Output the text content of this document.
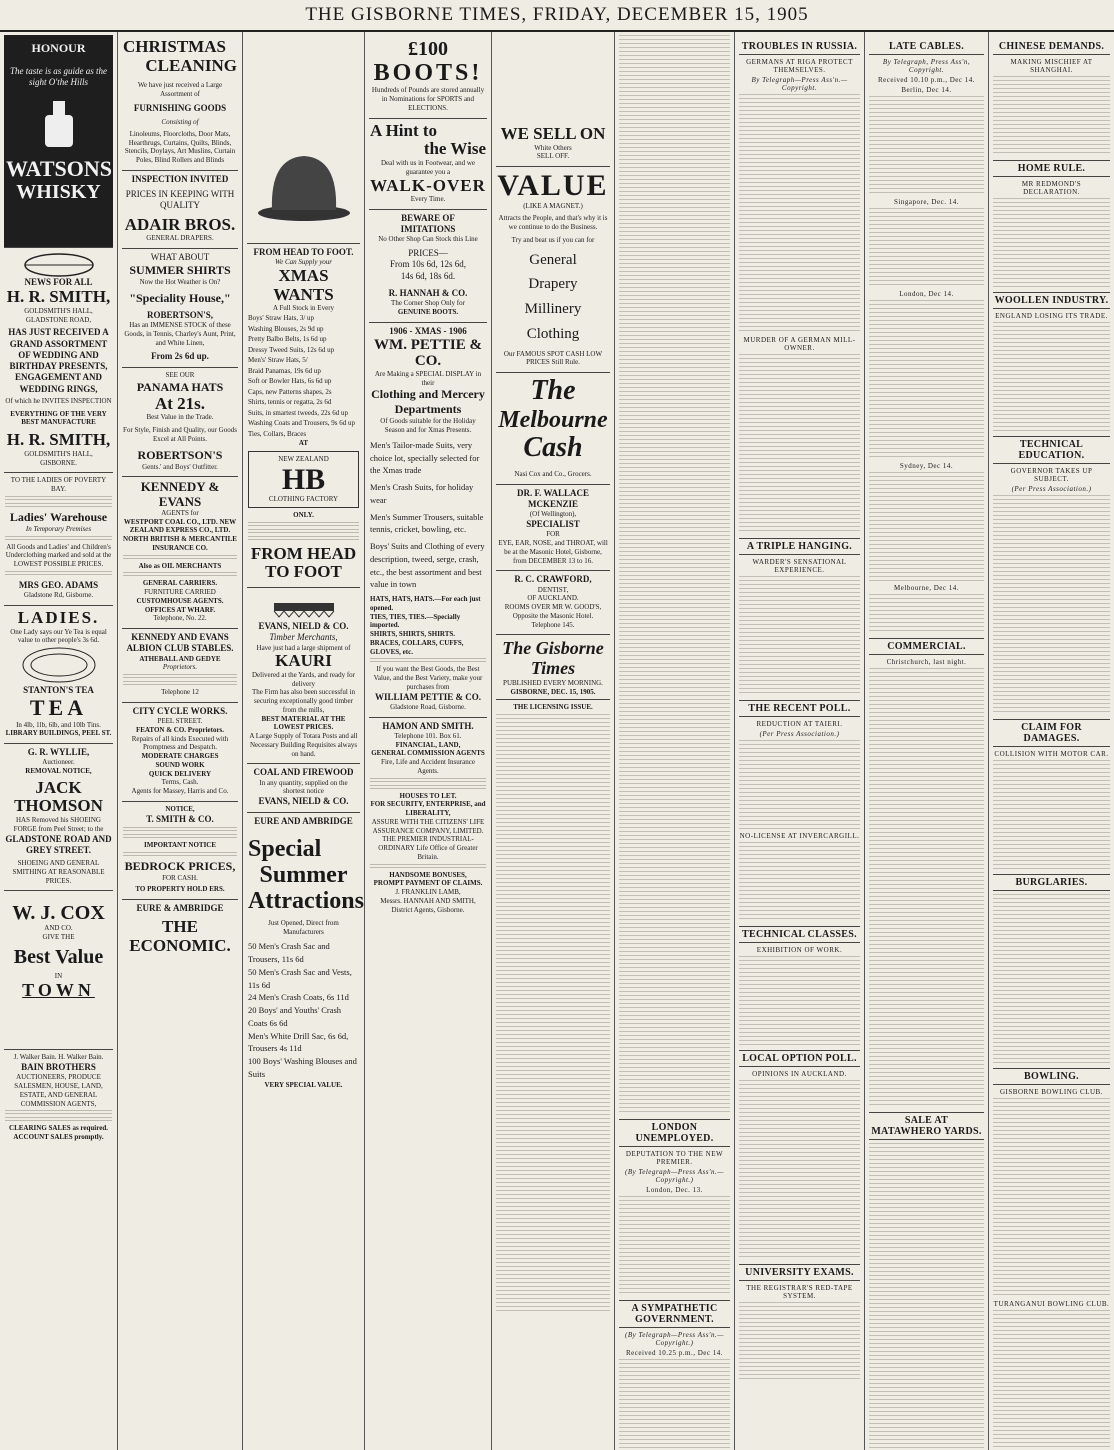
THE GISBORNE TIMES, FRIDAY, DECEMBER 15, 1905
HONOUR
The taste is as guide as the sight O'the Hills
WATSONS
WHISKY
NEWS FOR ALL
H. R. SMITH,
GOLDSMITH'S HALL, GLADSTONE ROAD,
HAS JUST RECEIVED A GRAND ASSORTMENT OF WEDDING AND BIRTHDAY PRESENTS, ENGAGEMENT AND WEDDING RINGS,
Of which he INVITES INSPECTION
EVERYTHING OF THE VERY BEST MANUFACTURE
H. R. SMITH,
GOLDSMITH'S HALL, GISBORNE.
TO THE LADIES OF POVERTY BAY.
Ladies' Warehouse
In Temporary Premises
All Goods and Ladies' and Children's Underclothing marked and sold at the LOWEST POSSIBLE PRICES.
MRS GEO. ADAMS
Gladstone Rd, Gisborne.
LADIES.
One Lady says our Ye Tea is equal value to other people's 3s 6d.
STANTON'S TEA
TEA
In 4lb, 1lb, 6lb, and 10lb Tins.
LIBRARY BUILDINGS, PEEL ST.
G. R. WYLLIE,
Auctioneer.
REMOVAL NOTICE,
JACK THOMSON
HAS Removed his SHOEING FORGE from Peel Street; to the
GLADSTONE ROAD AND GREY STREET.
SHOEING AND GENERAL SMITHING AT REASONABLE PRICES.
W. J. COX
AND CO.
GIVE THE
Best Value
IN
TOWN
J. Walker Bain. H. Walker Bain.
BAIN BROTHERS
AUCTIONEERS, PRODUCE SALESMEN, HOUSE, LAND, ESTATE, AND GENERAL COMMISSION AGENTS,
CLEARING SALES as required.
ACCOUNT SALES promptly.
CHRISTMAS
CLEANING
We have just received a Large Assortment of
FURNISHING GOODS
Consisting of
Linoleums, Floorcloths, Door Mats, Hearthrugs, Curtains, Quilts, Blinds, Stencils, Doylays, Art Muslins, Curtain Poles, Blind Rollers and Blinds
INSPECTION INVITED
PRICES IN KEEPING WITH QUALITY
ADAIR BROS.
GENERAL DRAPERS.
WHAT ABOUT
SUMMER SHIRTS
Now the Hot Weather is On?
"Speciality House,"
ROBERTSON'S,
Has an IMMENSE STOCK of these Goods, in Tennis, Charley's Aunt, Print, and White Linen,
From 2s 6d up.
SEE OUR
PANAMA HATS
At 21s.
Best Value in the Trade.
For Style, Finish and Quality, our Goods Excel at All Points.
ROBERTSON'S
Gents.' and Boys' Outfitter.
KENNEDY & EVANS
AGENTS for
WESTPORT COAL CO., LTD. NEW ZEALAND EXPRESS CO., LTD. NORTH BRITISH & MERCANTILE INSURANCE CO.
Also as OIL MERCHANTS
GENERAL CARRIERS.
FURNITURE CARRIED
CUSTOMHOUSE AGENTS.
OFFICES AT WHARF.
Telephone, No. 22.
KENNEDY AND EVANS
ALBION CLUB STABLES.
ATHEBALL AND GEDYE
Proprietors.
Telephone 12
CITY CYCLE WORKS.
PEEL STREET.
FEATON & CO. Proprietors.
Repairs of all kinds Executed with Promptness and Despatch.
MODERATE CHARGES
SOUND WORK
QUICK DELIVERY
Terms, Cash.
Agents for Massey, Harris and Co.
NOTICE,
T. SMITH & CO.
IMPORTANT NOTICE
BEDROCK PRICES,
FOR CASH.
TO PROPERTY HOLD ERS.
EURE & AMBRIDGE
THE ECONOMIC.
FROM HEAD TO FOOT.
We Can Supply your
XMAS WANTS
A Full Stock in Every
Boys' Straw Hats, 3/ up
Washing Blouses, 2s 9d up
Pretty Balbo Belts, 1s 6d up
Dressy Tweed Suits, 12s 6d up
Men's' Straw Hats, 5/
Braid Panamas, 19s 6d up
Soft or Bowler Hats, 6s 6d up
Caps, new Patterns shapes, 2s
Shirts, tennis or regatta, 2s 6d
Suits, in smartest tweeds, 22s 6d up
Washing Coats and Trousers, 9s 6d up
Ties, Collars, Braces
AT
NEW ZEALAND
HB
CLOTHING FACTORY
ONLY.
FROM HEAD TO FOOT
EVANS, NIELD & CO.
Timber Merchants,
Have just had a large shipment of
KAURI
Delivered at the Yards, and ready for delivery
The Firm has also been successful in securing exceptionally good timber from the mills,
BEST MATERIAL AT THE LOWEST PRICES.
A Large Supply of Totara Posts and all Necessary Building Requisites always on hand.
COAL AND FIREWOOD
In any quantity, supplied on the shortest notice
EVANS, NIELD & CO.
EURE AND AMBRIDGE
Special
Summer
Attractions
Just Opened, Direct from Manufacturers
50 Men's Crash Sac and Trousers, 11s 6d
50 Men's Crash Sac and Vests, 11s 6d
24 Men's Crash Coats, 6s 11d
20 Boys' and Youths' Crash Coats 6s 6d
Men's White Drill Sac, 6s 6d, Trousers 4s 11d
100 Boys' Washing Blouses and Suits
VERY SPECIAL VALUE.
£100
BOOTS!
Hundreds of Pounds are stored annually in Nominations for SPORTS and ELECTIONS.
A Hint to
the Wise
Deal with us in Footwear, and we guarantee you a
WALK-OVER
Every Time.
BEWARE OF
IMITATIONS
No Other Shop Can Stock this Line
PRICES—
From 10s 6d, 12s 6d,
14s 6d, 18s 6d.
R. HANNAH & CO.
The Corner Shop Only for
GENUINE BOOTS.
1906 - XMAS - 1906
WM. PETTIE & CO.
Are Making a SPECIAL DISPLAY in their
Clothing and Mercery
Departments
Of Goods suitable for the Holiday Season and for Xmas Presents.
Men's Tailor-made Suits, very choice lot, specially selected for the Xmas trade
Men's Crash Suits, for holiday wear
Men's Summer Trousers, suitable tennis, cricket, bowling, etc.
Boys' Suits and Clothing of every description, tweed, serge, crash, etc., the best assortment and best value in town
HATS, HATS, HATS.—For each just opened.
TIES, TIES, TIES.—Specially imported.
SHIRTS, SHIRTS, SHIRTS.
BRACES, COLLARS, CUFFS, GLOVES, etc.
If you want the Best Goods, the Best Value, and the Best Variety, make your purchases from
WILLIAM PETTIE & CO.
Gladstone Road, Gisborne.
HAMON AND SMITH.
Telephone 101. Box 61.
FINANCIAL, LAND,
GENERAL COMMISSION AGENTS
Fire, Life and Accident Insurance Agents.
HOUSES TO LET.
FOR SECURITY, ENTERPRISE, and LIBERALITY,
ASSURE WITH THE CITIZENS' LIFE ASSURANCE COMPANY, LIMITED.
THE PREMIER INDUSTRIAL-ORDINARY Life Office of Greater Britain.
HANDSOME BONUSES,
PROMPT PAYMENT OF CLAIMS.
J. FRANKLIN LAMB,
Messrs. HANNAH AND SMITH,
District Agents, Gisborne.
WE SELL ON
White Others
SELL OFF.
VALUE
(LIKE A MAGNET.)
Attracts the People, and that's why it is we continue to do the Business.
Try and beat us if you can for
General
Drapery
Millinery
Clothing
Our FAMOUS SPOT CASH LOW PRICES Still Rule.
The
Melbourne
Cash
Nasi Cox and Co., Grocers.
DR. F. WALLACE MCKENZIE
(Of Wellington),
SPECIALIST
FOR
EYE, EAR, NOSE, and THROAT, will be at the Masonic Hotel, Gisborne, from DECEMBER 13 to 16.
R. C. CRAWFORD,
DENTIST,
OF AUCKLAND.
ROOMS OVER MR W. GOOD'S, Opposite the Masonic Hotel.
Telephone 145.
The Gisborne Times
PUBLISHED EVERY MORNING.
GISBORNE, DEC. 15, 1905.
THE LICENSING ISSUE.
LONDON UNEMPLOYED.
DEPUTATION TO THE NEW PREMIER.
(By Telegraph—Press Ass'n.—Copyright.)
London, Dec. 13.
A SYMPATHETIC GOVERNMENT.
(By Telegraph—Press Ass'n.—Copyright.)
Received 10.25 p.m., Dec 14.
TROUBLES IN RUSSIA.
GERMANS AT RIGA PROTECT THEMSELVES.
By Telegraph—Press Ass'n.—Copyright.
MURDER OF A GERMAN MILL-OWNER.
A TRIPLE HANGING.
WARDER'S SENSATIONAL EXPERIENCE.
THE RECENT POLL.
REDUCTION AT TAIERI.
(Per Press Association.)
NO-LICENSE AT INVERCARGILL.
TECHNICAL CLASSES.
EXHIBITION OF WORK.
LOCAL OPTION POLL.
OPINIONS IN AUCKLAND.
UNIVERSITY EXAMS.
THE REGISTRAR'S RED-TAPE SYSTEM.
LATE CABLES.
By Telegraph, Press Ass'n, Copyright.
Received 10.10 p.m., Dec 14.
Berlin, Dec 14.
Singapore, Dec. 14.
London, Dec 14.
Sydney, Dec 14.
Melbourne, Dec 14.
COMMERCIAL.
Christchurch, last night.
SALE AT MATAWHERO YARDS.
CHINESE DEMANDS.
MAKING MISCHIEF AT SHANGHAI.
HOME RULE.
MR REDMOND'S DECLARATION.
WOOLLEN INDUSTRY.
ENGLAND LOSING ITS TRADE.
TECHNICAL EDUCATION.
GOVERNOR TAKES UP SUBJECT.
(Per Press Association.)
CLAIM FOR DAMAGES.
COLLISION WITH MOTOR CAR.
BURGLARIES.
BOWLING.
GISBORNE BOWLING CLUB.
TURANGANUI BOWLING CLUB.
